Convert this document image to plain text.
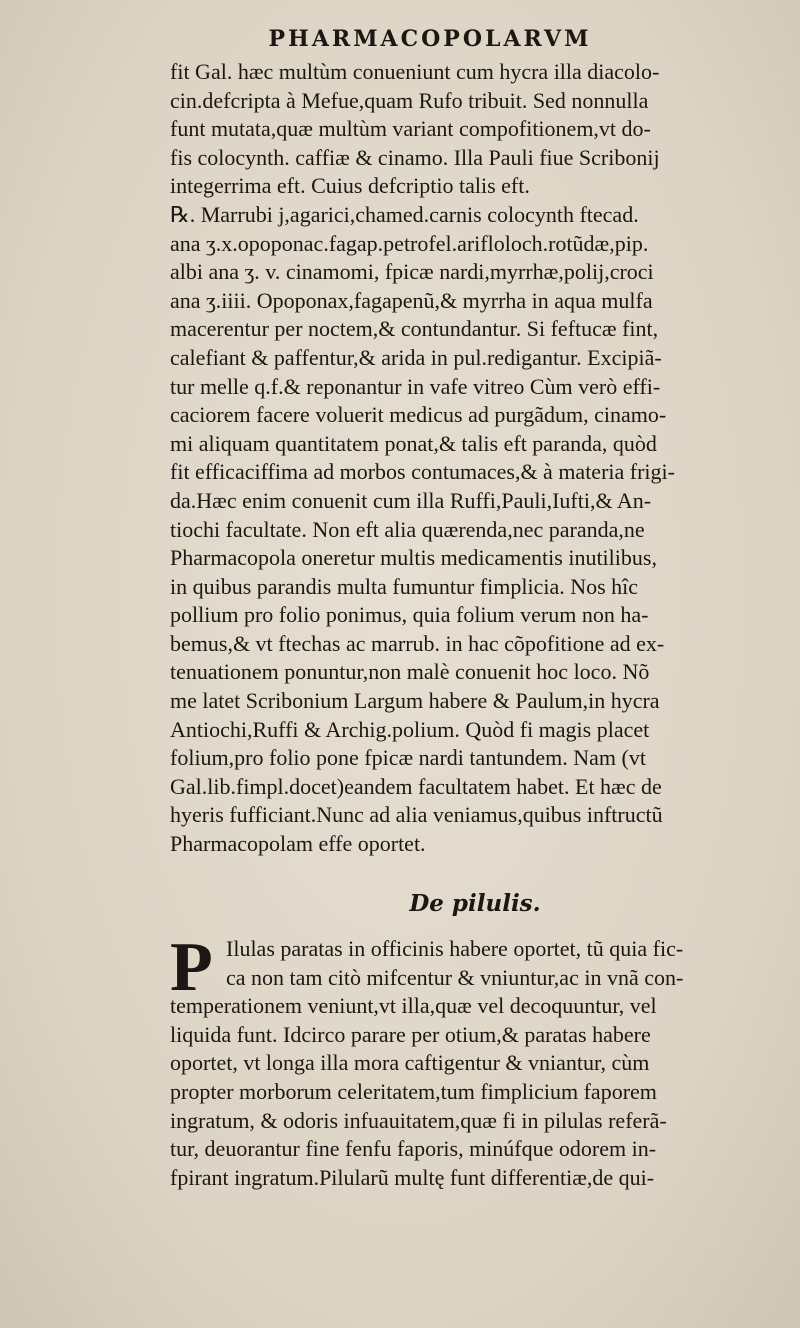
PHARMACOPOLARVM
fit Gal. hæc multùm conueniunt cum hycra illa diacolo-
cin.defcripta à Mefue,quam Rufo tribuit. Sed nonnulla
funt mutata,quæ multùm variant compofitionem,vt do-
fis colocynth. caffiæ & cinamo. Illa Pauli fiue Scribonij
integerrima eft. Cuius defcriptio talis eft.
℞. Marrubi j,agarici,chamed.carnis colocynth ftecad.
ana ʒ.x.opoponac.fagap.petrofel.arifloloch.rotũdæ,pip.
albi ana ʒ. v. cinamomi, fpicæ nardi,myrrhæ,polij,croci
ana ʒ.iiii. Opoponax,fagapenũ,& myrrha in aqua mulfa
macerentur per noctem,& contundantur. Si feftucæ fint,
calefiant & paffentur,& arida in pul.redigantur. Excipiã-
tur melle q.f.& reponantur in vafe vitreo Cùm verò effi-
caciorem facere voluerit medicus ad purgãdum, cinamo-
mi aliquam quantitatem ponat,& talis eft paranda, quòd
fit efficaciffima ad morbos contumaces,& à materia frigi-
da.Hæc enim conuenit cum illa Ruffi,Pauli,Iufti,& An-
tiochi facultate. Non eft alia quærenda,nec paranda,ne
Pharmacopola oneretur multis medicamentis inutilibus,
in quibus parandis multa fumuntur fimplicia. Nos hîc
pollium pro folio ponimus, quia folium verum non ha-
bemus,& vt ftechas ac marrub. in hac cõpofitione ad ex-
tenuationem ponuntur,non malè conuenit hoc loco. Nõ
me latet Scribonium Largum habere & Paulum,in hycra
Antiochi,Ruffi & Archig.polium. Quòd fi magis placet
folium,pro folio pone fpicæ nardi tantundem. Nam (vt
Gal.lib.fimpl.docet)eandem facultatem habet. Et hæc de
hyeris fufficiant.Nunc ad alia veniamus,quibus inftructũ
Pharmacopolam effe oportet.
De pilulis.
P Ilulas paratas in officinis habere oportet, tũ quia fic-
ca non tam citò mifcentur & vniuntur,ac in vnã con-
temperationem veniunt,vt illa,quæ vel decoquuntur, vel
liquida funt. Idcirco parare per otium,& paratas habere
oportet, vt longa illa mora caftigentur & vniantur, cùm
propter morborum celeritatem,tum fimplicium faporem
ingratum, & odoris infuauitatem,quæ fi in pilulas referã-
tur, deuorantur fine fenfu faporis, minúfque odorem in-
fpirant ingratum.Pilularũ multę funt differentiæ,de qui-
